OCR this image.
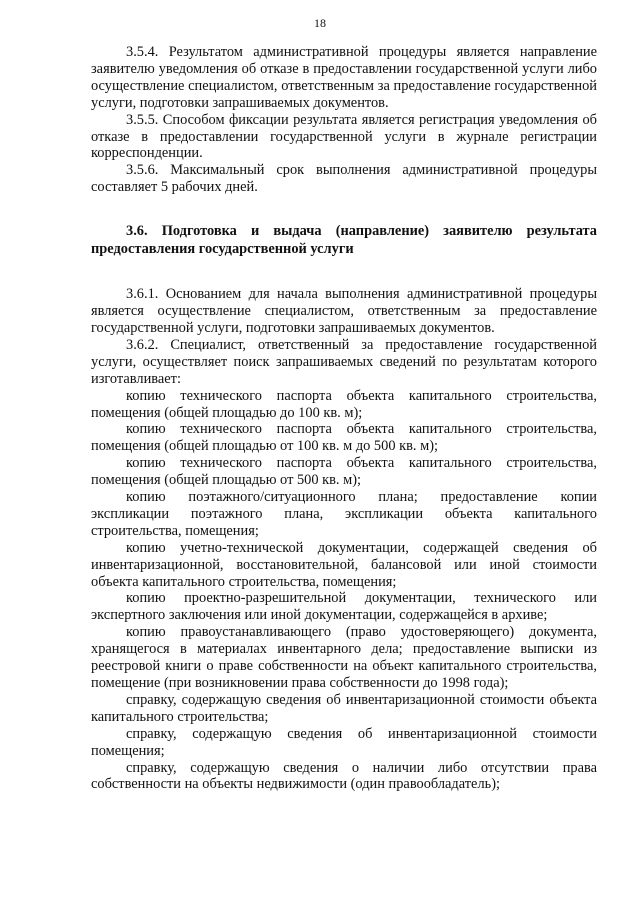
18

3.5.4. Результатом административной процедуры является направление заявителю уведомления об отказе в предоставлении государственной услуги либо осуществление специалистом, ответственным за предоставление государственной услуги, подготовки запрашиваемых документов.

3.5.5. Способом фиксации результата является регистрация уведомления об отказе в предоставлении государственной услуги в журнале регистрации корреспонденции.

3.5.6. Максимальный срок выполнения административной процедуры составляет 5 рабочих дней.

3.6. Подготовка и выдача (направление) заявителю результата предоставления государственной услуги

3.6.1. Основанием для начала выполнения административной процедуры является осуществление специалистом, ответственным за предоставление государственной услуги, подготовки запрашиваемых документов.

3.6.2. Специалист, ответственный за предоставление государственной услуги, осуществляет поиск запрашиваемых сведений по результатам которого изготавливает:

копию технического паспорта объекта капитального строительства, помещения (общей площадью до 100 кв. м);

копию технического паспорта объекта капитального строительства, помещения (общей площадью от 100 кв. м до 500 кв. м);

копию технического паспорта объекта капитального строительства, помещения (общей площадью от 500 кв. м);

копию поэтажного/ситуационного плана; предоставление копии экспликации поэтажного плана, экспликации объекта капитального строительства, помещения;

копию учетно-технической документации, содержащей сведения об инвентаризационной, восстановительной, балансовой или иной стоимости объекта капитального строительства, помещения;

копию проектно-разрешительной документации, технического или экспертного заключения или иной документации, содержащейся в архиве;

копию правоустанавливающего (право удостоверяющего) документа, хранящегося в материалах инвентарного дела; предоставление выписки из реестровой книги о праве собственности на объект капитального строительства, помещение (при возникновении права собственности до 1998 года);

справку, содержащую сведения об инвентаризационной стоимости объекта капитального строительства;

справку, содержащую сведения об инвентаризационной стоимости помещения;

справку, содержащую сведения о наличии либо отсутствии права собственности на объекты недвижимости (один правообладатель);
